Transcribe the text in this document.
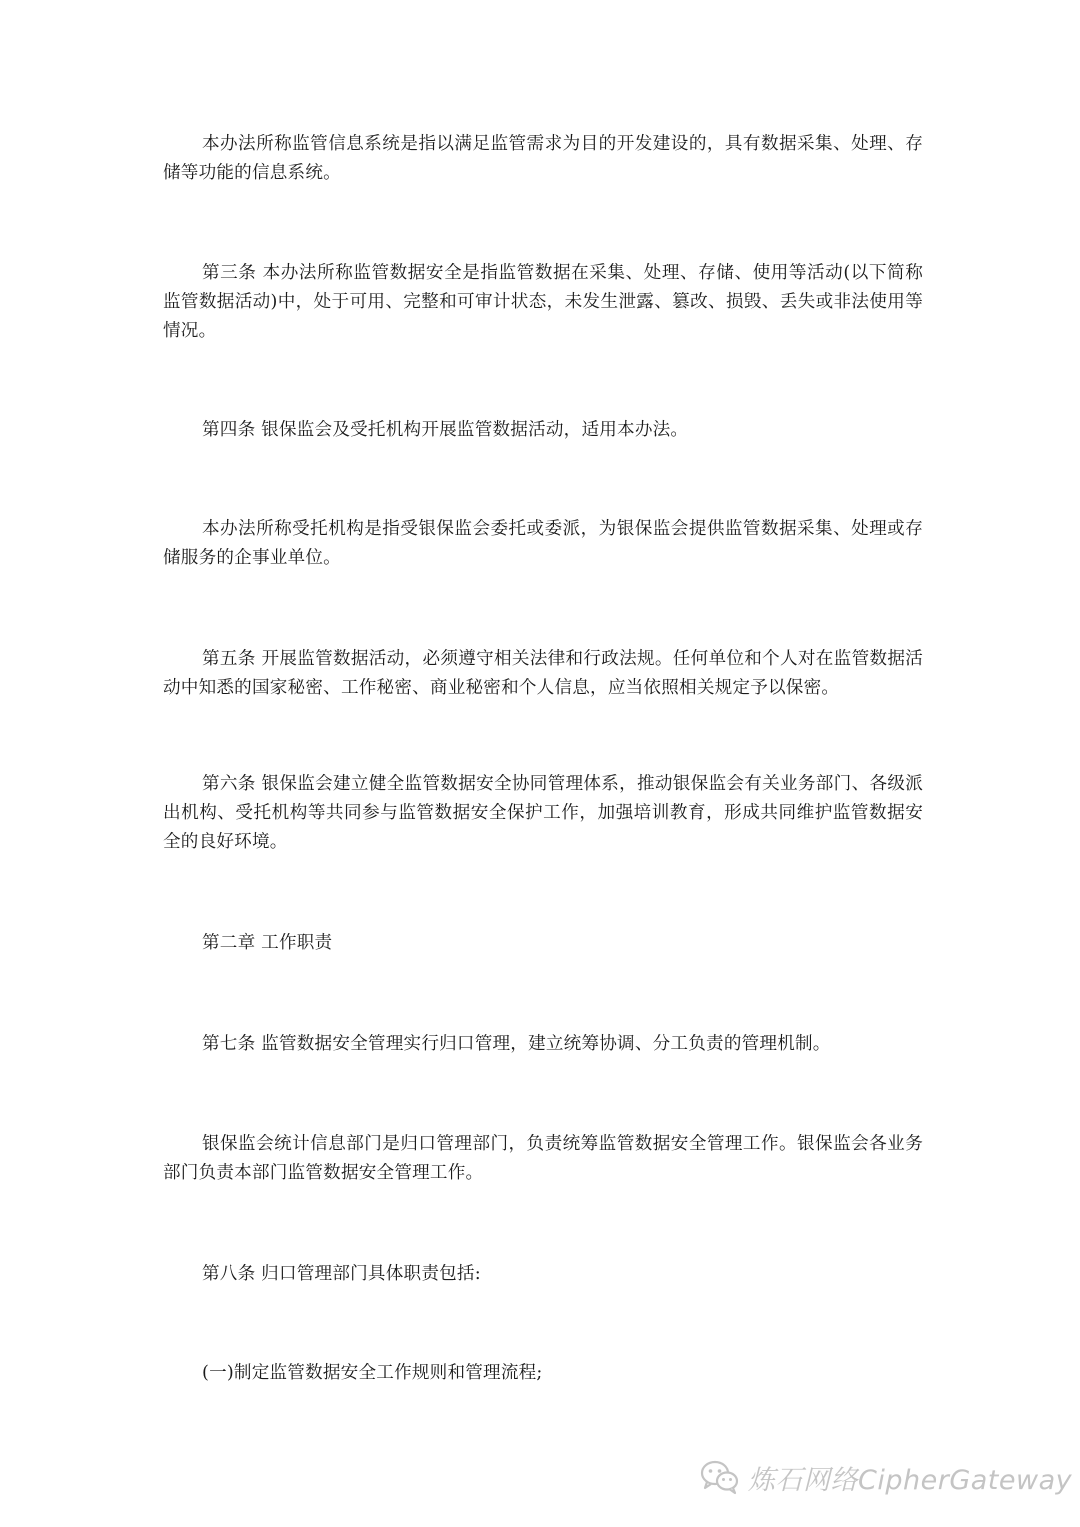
本办法所称监管信息系统是指以满足监管需求为目的开发建设的，具有数据采集、处理、存储等功能的信息系统。

第三条 本办法所称监管数据安全是指监管数据在采集、处理、存储、使用等活动(以下简称监管数据活动)中，处于可用、完整和可审计状态，未发生泄露、篡改、损毁、丢失或非法使用等情况。

第四条 银保监会及受托机构开展监管数据活动，适用本办法。

本办法所称受托机构是指受银保监会委托或委派，为银保监会提供监管数据采集、处理或存储服务的企事业单位。

第五条 开展监管数据活动，必须遵守相关法律和行政法规。任何单位和个人对在监管数据活动中知悉的国家秘密、工作秘密、商业秘密和个人信息，应当依照相关规定予以保密。

第六条 银保监会建立健全监管数据安全协同管理体系，推动银保监会有关业务部门、各级派出机构、受托机构等共同参与监管数据安全保护工作，加强培训教育，形成共同维护监管数据安全的良好环境。

第二章 工作职责

第七条 监管数据安全管理实行归口管理，建立统筹协调、分工负责的管理机制。

银保监会统计信息部门是归口管理部门，负责统筹监管数据安全管理工作。银保监会各业务部门负责本部门监管数据安全管理工作。

第八条 归口管理部门具体职责包括:

(一)制定监管数据安全工作规则和管理流程;

炼石网络CipherGateway
